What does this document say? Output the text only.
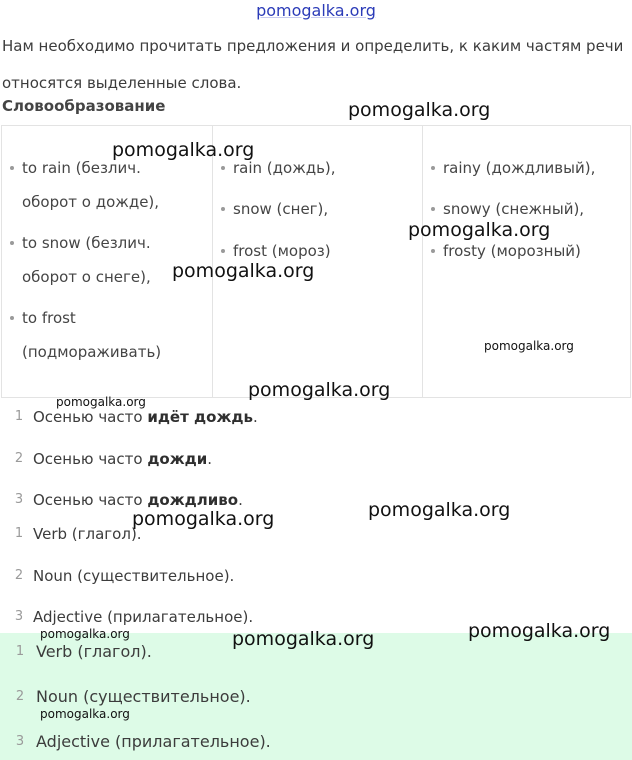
pomogalka.org
Нам необходимо прочитать предложения и определить, к каким частям речи относятся выделенные слова.
Словообразование
to rain (безлич.
оборот о дожде),
to snow (безлич.
оборот о снеге),
to frost
(подмораживать)
rain (дождь),
snow (снег),
frost (мороз)
rainy (дождливый),
snowy (снежный),
frosty (морозный)
1 Осенью часто идёт дождь.
2 Осенью часто дожди.
3 Осенью часто дождливо.
1 Verb (глагол).
2 Noun (существительное).
3 Adjective (прилагательное).
1 Verb (глагол).
2 Noun (существительное).
3 Adjective (прилагательное).
pomogalka.org
pomogalka.org
pomogalka.org
pomogalka.org
pomogalka.org
pomogalka.org
pomogalka.org
pomogalka.org
pomogalka.org
pomogalka.org
pomogalka.org	pomogalka.org
pomogalka.org
